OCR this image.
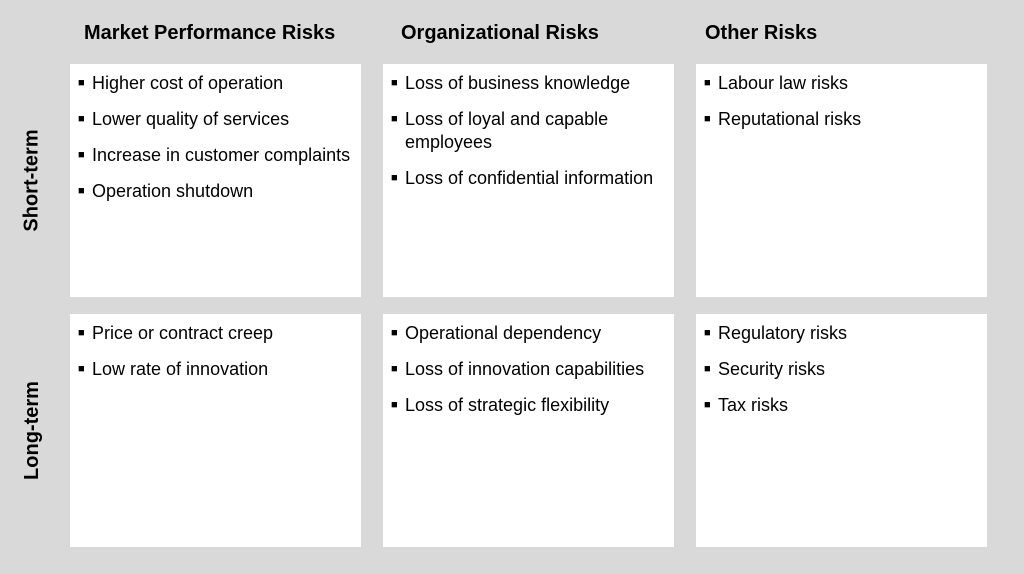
Market Performance Risks	Organizational Risks	Other Risks
Short-term
Long-term
■ Higher cost of operation
■ Lower quality of services
■ Increase in customer complaints
■ Operation shutdown
■ Loss of business knowledge
■ Loss of loyal and capable employees
■ Loss of confidential information
■ Labour law risks
■ Reputational risks
■ Price or contract creep
■ Low rate of innovation
■ Operational dependency
■ Loss of innovation capabilities
■ Loss of strategic flexibility
■ Regulatory risks
■ Security risks
■ Tax risks
